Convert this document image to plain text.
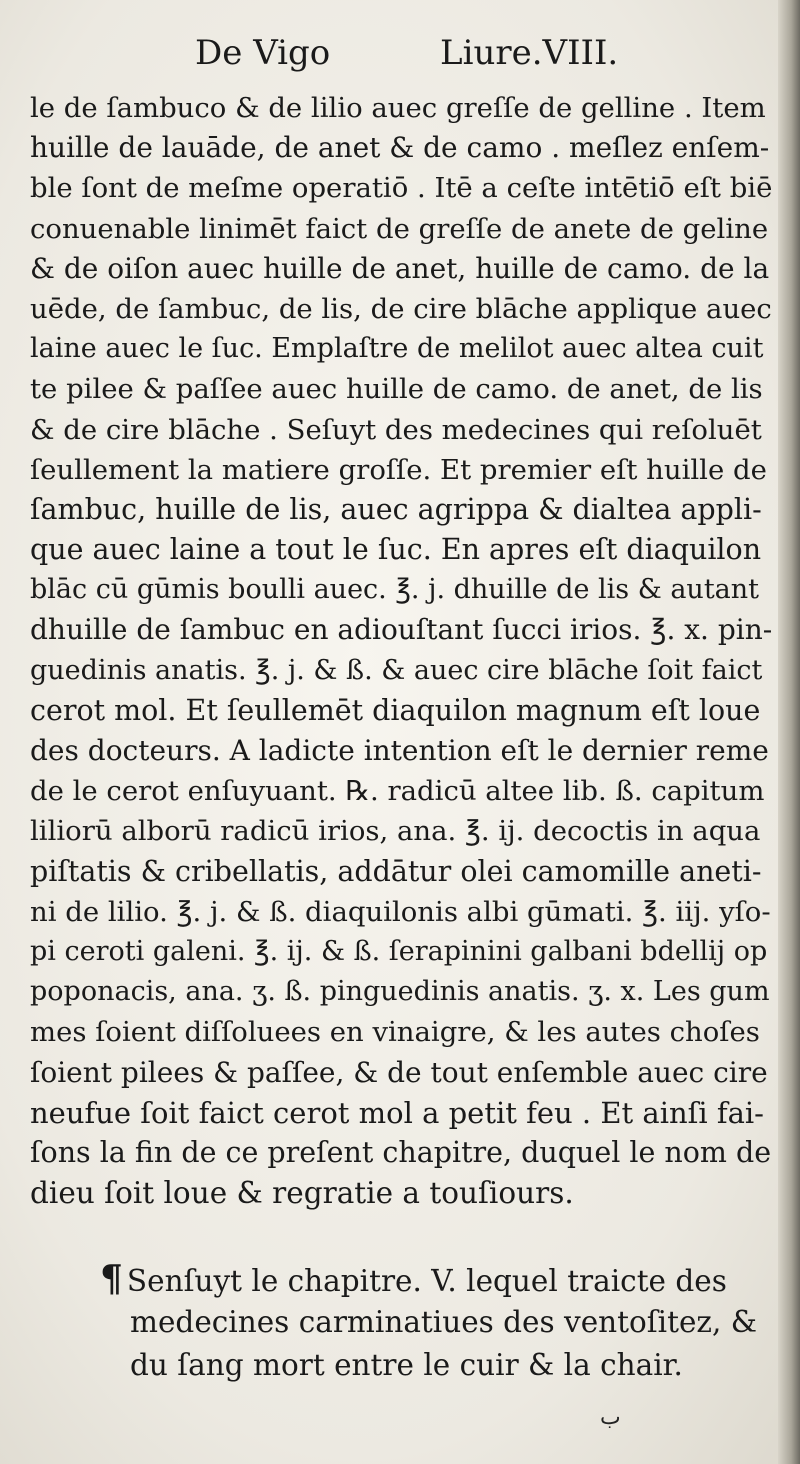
De Vigo	Liure.VIII.
le de ſambuco & de lilio auec greſſe de gelline . Item
huille de lauāde, de anet & de camo . meſlez enſem-
ble ſont de meſme operatiō . Itē a ceſte intētiō eſt biē
conuenable linimēt faict de greſſe de anete de geline
& de oiſon auec huille de anet, huille de camo. de la
uēde, de ſambuc, de lis, de cire blāche applique auec
laine auec le ſuc. Emplaſtre de melilot auec altea cuit
te pilee & paſſee auec huille de camo. de anet, de lis
& de cire blāche . Seſuyt des medecines qui reſoluēt
ſeullement la matiere groſſe. Et premier eſt huille de
ſambuc, huille de lis, auec agrippa & dialtea appli-
que auec laine a tout le ſuc. En apres eſt diaquilon
blāc cū gūmis boulli auec. ℥. j. dhuille de lis & autant
dhuille de ſambuc en adiouſtant ſucci irios. ℥. x. pin-
guedinis anatis. ℥. j. & ß. & auec cire blāche ſoit faict
cerot mol. Et ſeullemēt diaquilon magnum eſt loue
des docteurs. A ladicte intention eſt le dernier reme
de le cerot enſuyuant. ℞. radicū altee lib. ß. capitum
liliorū alborū radicū irios, ana. ℥. ij. decoctis in aqua
piſtatis & cribellatis, addātur olei camomille aneti-
ni de lilio. ℥. j. & ß. diaquilonis albi gūmati. ℥. iij. yſo-
pi ceroti galeni. ℥. ij. & ß. ſerapinini galbani bdellij op
poponacis, ana. ʒ. ß. pinguedinis anatis. ʒ. x. Les gum
mes ſoient diſſoluees en vinaigre, & les autes choſes
ſoient pilees & paſſee, & de tout enſemble auec cire
neufue ſoit faict cerot mol a petit feu . Et ainſi fai-
ſons la fin de ce preſent chapitre, duquel le nom de
dieu ſoit loue & regratie a touſiours.
¶ Senſuyt le chapitre. V. lequel traicte des
medecines carminatiues des ventoſitez, &
du ſang mort entre le cuir & la chair.
ب
